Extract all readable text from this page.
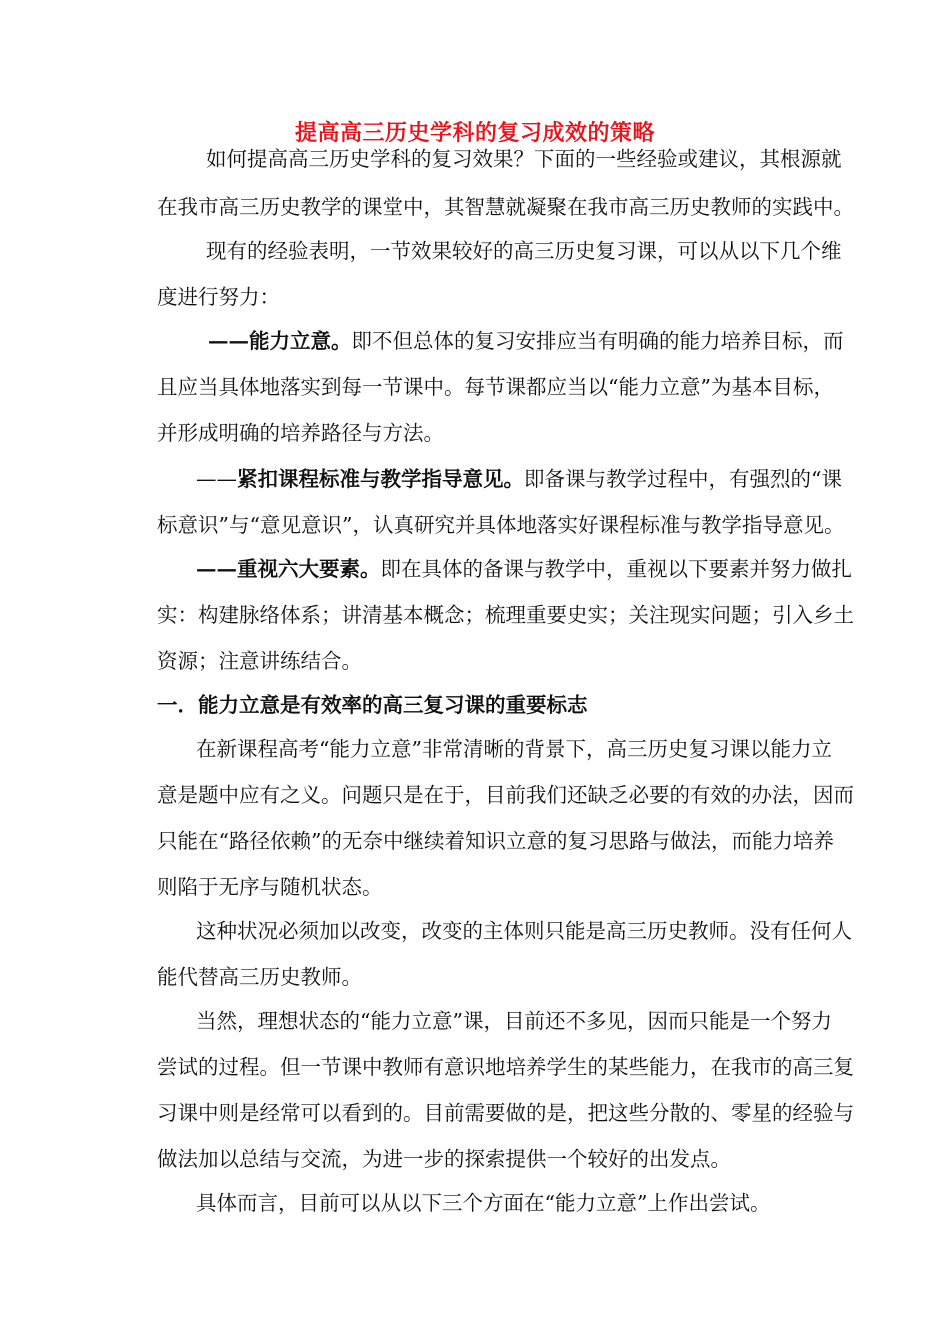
提高高三历史学科的复习成效的策略

如何提高高三历史学科的复习效果？下面的一些经验或建议，其根源就

在我市高三历史教学的课堂中，其智慧就凝聚在我市高三历史教师的实践中。

现有的经验表明，一节效果较好的高三历史复习课，可以从以下几个维

度进行努力：

——能力立意。即不但总体的复习安排应当有明确的能力培养目标，而

且应当具体地落实到每一节课中。每节课都应当以“能力立意”为基本目标，

并形成明确的培养路径与方法。

——紧扣课程标准与教学指导意见。即备课与教学过程中，有强烈的“课

标意识”与“意见意识”，认真研究并具体地落实好课程标准与教学指导意见。

——重视六大要素。即在具体的备课与教学中，重视以下要素并努力做扎

实：构建脉络体系；讲清基本概念；梳理重要史实；关注现实问题；引入乡土

资源；注意讲练结合。

一．能力立意是有效率的高三复习课的重要标志

在新课程高考“能力立意”非常清晰的背景下，高三历史复习课以能力立

意是题中应有之义。问题只是在于，目前我们还缺乏必要的有效的办法，因而

只能在“路径依赖”的无奈中继续着知识立意的复习思路与做法，而能力培养

则陷于无序与随机状态。

这种状况必须加以改变，改变的主体则只能是高三历史教师。没有任何人

能代替高三历史教师。

当然，理想状态的“能力立意”课，目前还不多见，因而只能是一个努力

尝试的过程。但一节课中教师有意识地培养学生的某些能力，在我市的高三复

习课中则是经常可以看到的。目前需要做的是，把这些分散的、零星的经验与

做法加以总结与交流，为进一步的探索提供一个较好的出发点。

具体而言，目前可以从以下三个方面在“能力立意”上作出尝试。
